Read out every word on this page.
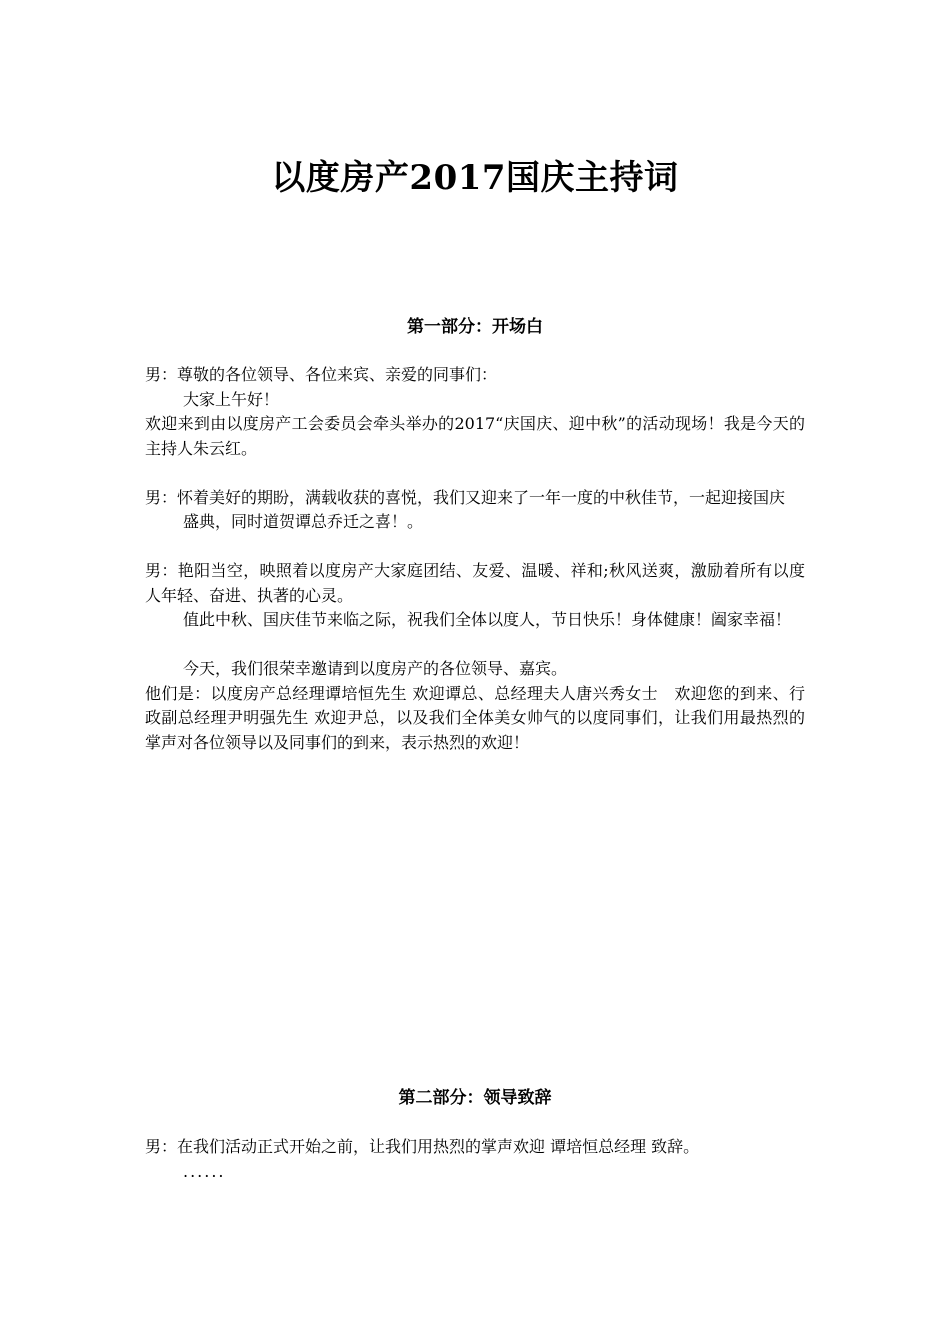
以度房产2017国庆主持词
第一部分：开场白

男：尊敬的各位领导、各位来宾、亲爱的同事们：

大家上午好！

欢迎来到由以度房产工会委员会牵头举办的2017“庆国庆、迎中秋”的活动现场！我是今天的主持人朱云红。

男：怀着美好的期盼，满载收获的喜悦，我们又迎来了一年一度的中秋佳节，一起迎接国庆

盛典，同时道贺谭总乔迁之喜！。

男：艳阳当空，映照着以度房产大家庭团结、友爱、温暖、祥和;秋风送爽，激励着所有以度人年轻、奋进、执著的心灵。

值此中秋、国庆佳节来临之际，祝我们全体以度人，节日快乐！身体健康！阖家幸福！

今天，我们很荣幸邀请到以度房产的各位领导、嘉宾。

他们是：以度房产总经理谭培恒先生 欢迎谭总、总经理夫人唐兴秀女士　欢迎您的到来、行政副总经理尹明强先生 欢迎尹总，以及我们全体美女帅气的以度同事们，让我们用最热烈的掌声对各位领导以及同事们的到来，表示热烈的欢迎！

第二部分：领导致辞

男：在我们活动正式开始之前，让我们用热烈的掌声欢迎 谭培恒总经理 致辞。

......
